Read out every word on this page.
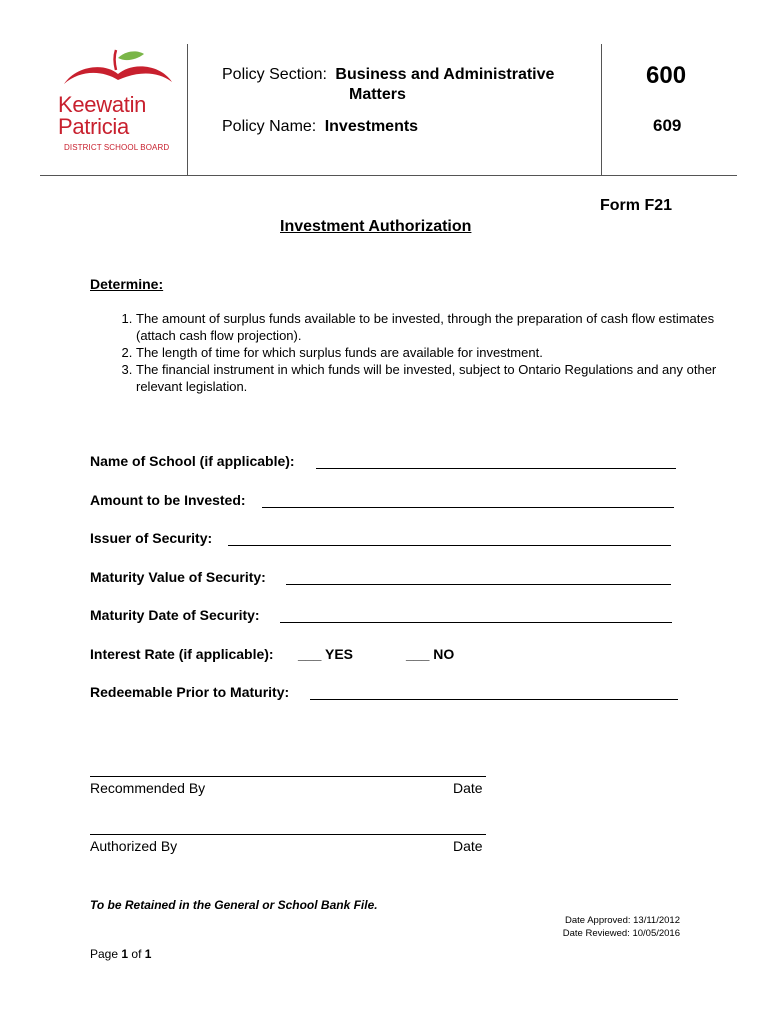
Keewatin
Patricia
DISTRICT SCHOOL BOARD
Policy Section: Business and Administrative
Matters
Policy Name: Investments
600
609
Form F21
Investment Authorization
Determine:
1. The amount of surplus funds available to be invested, through the preparation of cash flow estimates (attach cash flow projection).
2. The length of time for which surplus funds are available for investment.
3. The financial instrument in which funds will be invested, subject to Ontario Regulations and any other relevant legislation.
Name of School (if applicable):
Amount to be Invested:
Issuer of Security:
Maturity Value of Security:
Maturity Date of Security:
Interest Rate (if applicable): ___ YES	___ NO
Redeemable Prior to Maturity:
Recommended By	Date
Authorized By	Date
To be Retained in the General or School Bank File.
Date Approved: 13/11/2012
Date Reviewed: 10/05/2016
Page 1 of 1
